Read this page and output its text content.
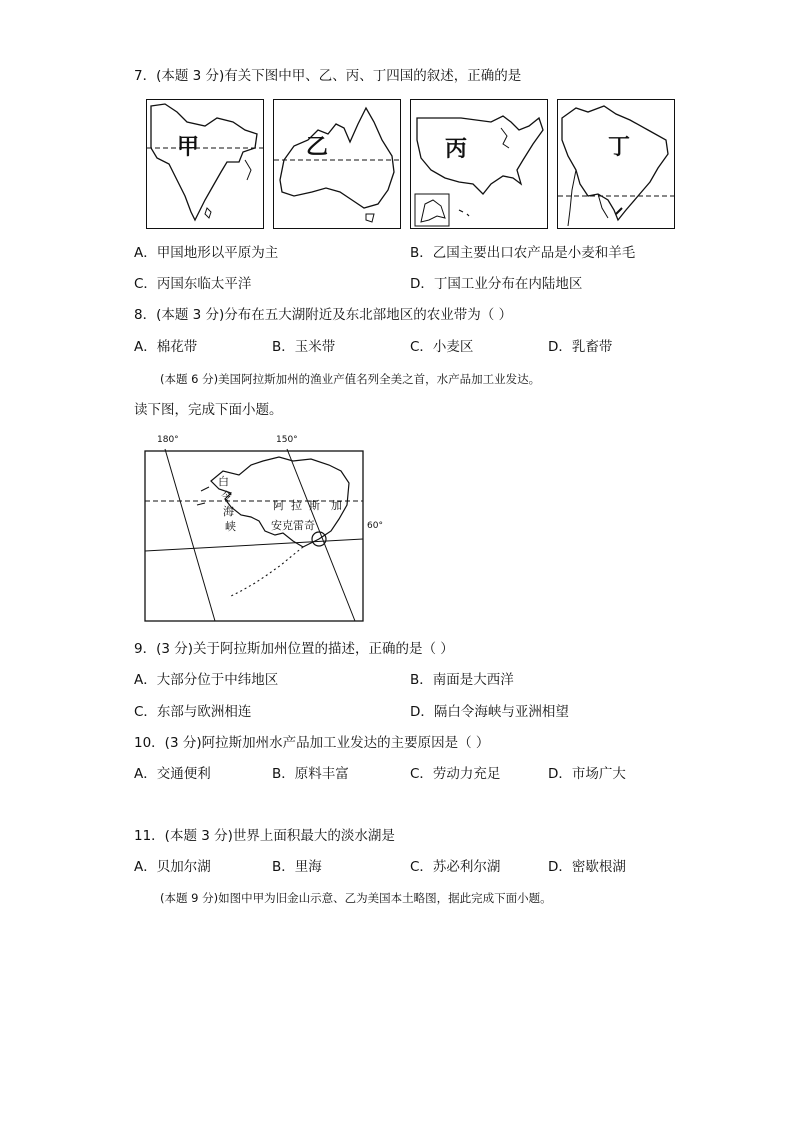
7．(本题 3 分)有关下图中甲、乙、丙、丁四国的叙述，正确的是
甲	乙	丙	丁
A．甲国地形以平原为主	B．乙国主要出口农产品是小麦和羊毛
C．丙国东临太平洋	D．丁国工业分布在内陆地区
8．(本题 3 分)分布在五大湖附近及东北部地区的农业带为（ ）
A．棉花带	B．玉米带	C．小麦区	D．乳畜带
(本题 6 分)美国阿拉斯加州的渔业产值名列全美之首，水产品加工业发达。
读下图，完成下面小题。
180°	150°
60°
白
令
海
峡
阿 拉 斯 加
安克雷奇
9．(3 分)关于阿拉斯加州位置的描述，正确的是（ ）
A．大部分位于中纬地区	B．南面是大西洋
C．东部与欧洲相连	D．隔白令海峡与亚洲相望
10．(3 分)阿拉斯加州水产品加工业发达的主要原因是（ ）
A．交通便利	B．原料丰富	C．劳动力充足	D．市场广大
11．(本题 3 分)世界上面积最大的淡水湖是
A．贝加尔湖	B．里海	C．苏必利尔湖	D．密歇根湖
(本题 9 分)如图中甲为旧金山示意、乙为美国本土略图，据此完成下面小题。
